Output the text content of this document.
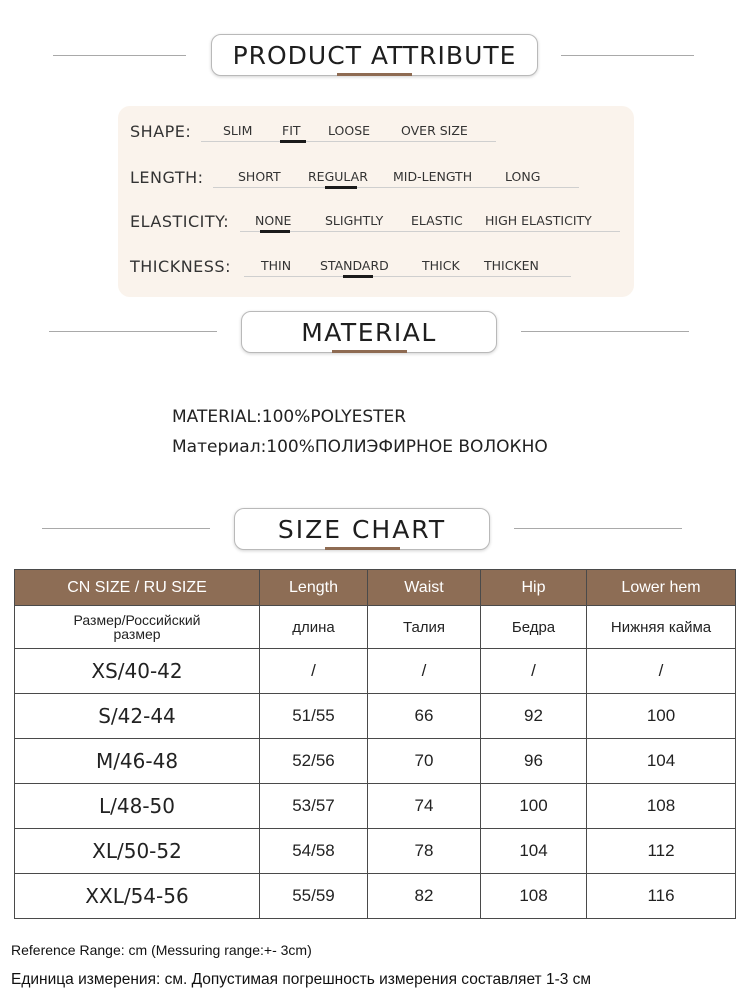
PRODUCT ATTRIBUTE
SHAPE:	SLIM FIT LOOSE OVER SIZE
LENGTH:	SHORT REGULAR MID-LENGTH	LONG
ELASTICITY: NONE	SLIGHTLY ELASTIC HIGH ELASTICITY
THICKNESS: THIN STANDARD	THICK THICKEN
MATERIAL
MATERIAL:100%POLYESTER
Материал:100%ПОЛИЭФИРНОЕ ВОЛОКНО
SIZE CHART
CN SIZE / RU SIZE	Length	Waist	Hip	Lower hem
Размер/Российский размер	длина	Талия	Бедра	Нижняя кайма
XS/40-42	/	/	/	/
S/42-44	51/55	66	92	100
M/46-48	52/56	70	96	104
L/48-50	53/57	74	100	108
XL/50-52	54/58	78	104	112
XXL/54-56	55/59	82	108	116
Reference Range: cm (Messuring range:+- 3cm)
Единица измерения: см. Допустимая погрешность измерения составляет 1-3 см
